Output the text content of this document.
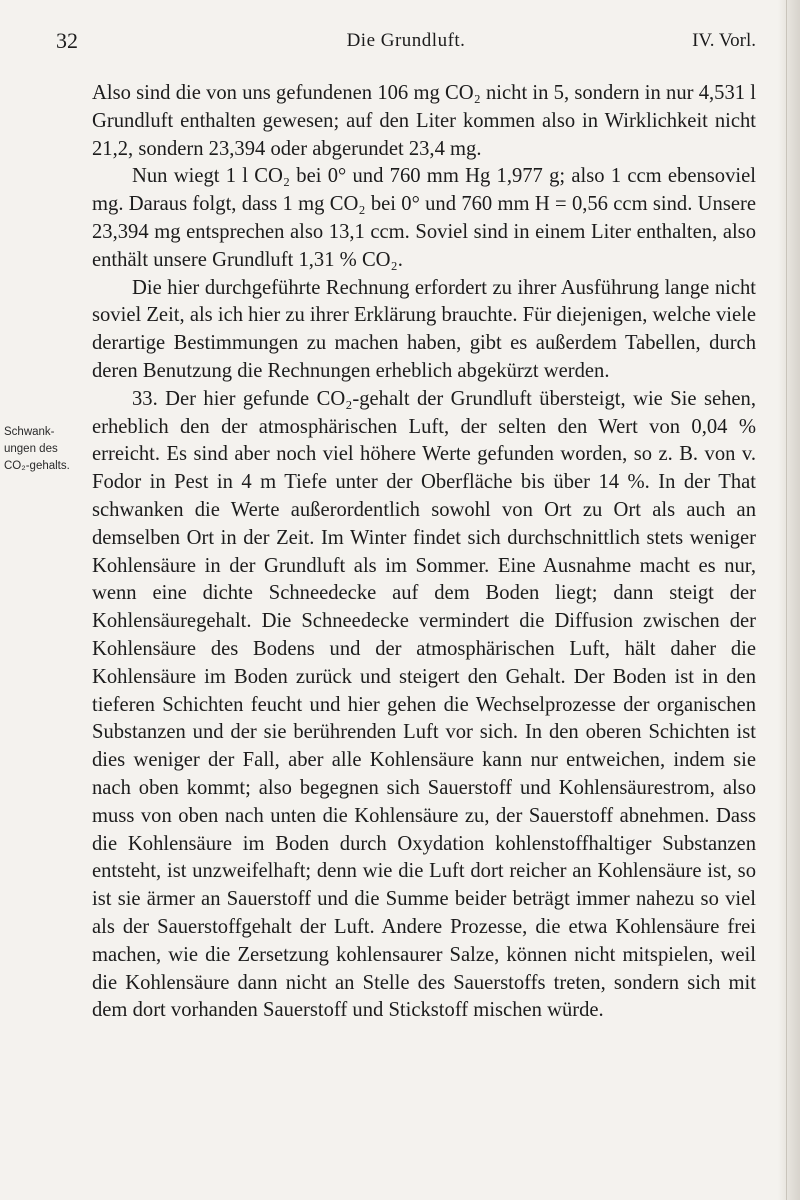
32	Die Grundluft.	IV. Vorl.
Schwank-
ungen des
CO₂-gehalts.

Also sind die von uns gefundenen 106 mg CO₂ nicht in 5, sondern in nur 4,531 l Grundluft enthalten gewesen; auf den Liter kommen also in Wirklichkeit nicht 21,2, sondern 23,394 oder abgerundet 23,4 mg.

Nun wiegt 1 l CO₂ bei 0° und 760 mm Hg 1,977 g; also 1 ccm ebensoviel mg. Daraus folgt, dass 1 mg CO₂ bei 0° und 760 mm H = 0,56 ccm sind. Unsere 23,394 mg entsprechen also 13,1 ccm. Soviel sind in einem Liter enthalten, also enthält unsere Grundluft 1,31 % CO₂.

Die hier durchgeführte Rechnung erfordert zu ihrer Ausführung lange nicht soviel Zeit, als ich hier zu ihrer Erklärung brauchte. Für diejenigen, welche viele derartige Bestimmungen zu machen haben, gibt es außerdem Tabellen, durch deren Benutzung die Rechnungen erheblich abgekürzt werden.

33. Der hier gefunde CO₂-gehalt der Grundluft übersteigt, wie Sie sehen, erheblich den der atmosphärischen Luft, der selten den Wert von 0,04 % erreicht. Es sind aber noch viel höhere Werte gefunden worden, so z. B. von v. Fodor in Pest in 4 m Tiefe unter der Oberfläche bis über 14 %. In der That schwanken die Werte außerordentlich sowohl von Ort zu Ort als auch an demselben Ort in der Zeit. Im Winter findet sich durchschnittlich stets weniger Kohlensäure in der Grundluft als im Sommer. Eine Ausnahme macht es nur, wenn eine dichte Schneedecke auf dem Boden liegt; dann steigt der Kohlensäuregehalt. Die Schneedecke vermindert die Diffusion zwischen der Kohlensäure des Bodens und der atmosphärischen Luft, hält daher die Kohlensäure im Boden zurück und steigert den Gehalt. Der Boden ist in den tieferen Schichten feucht und hier gehen die Wechselprozesse der organischen Substanzen und der sie berührenden Luft vor sich. In den oberen Schichten ist dies weniger der Fall, aber alle Kohlensäure kann nur entweichen, indem sie nach oben kommt; also begegnen sich Sauerstoff und Kohlensäurestrom, also muss von oben nach unten die Kohlensäure zu, der Sauerstoff abnehmen. Dass die Kohlensäure im Boden durch Oxydation kohlenstoffhaltiger Substanzen entsteht, ist unzweifelhaft; denn wie die Luft dort reicher an Kohlensäure ist, so ist sie ärmer an Sauerstoff und die Summe beider beträgt immer nahezu so viel als der Sauerstoffgehalt der Luft. Andere Prozesse, die etwa Kohlensäure frei machen, wie die Zersetzung kohlensaurer Salze, können nicht mitspielen, weil die Kohlensäure dann nicht an Stelle des Sauerstoffs treten, sondern sich mit dem dort vorhanden Sauerstoff und Stickstoff mischen würde.
